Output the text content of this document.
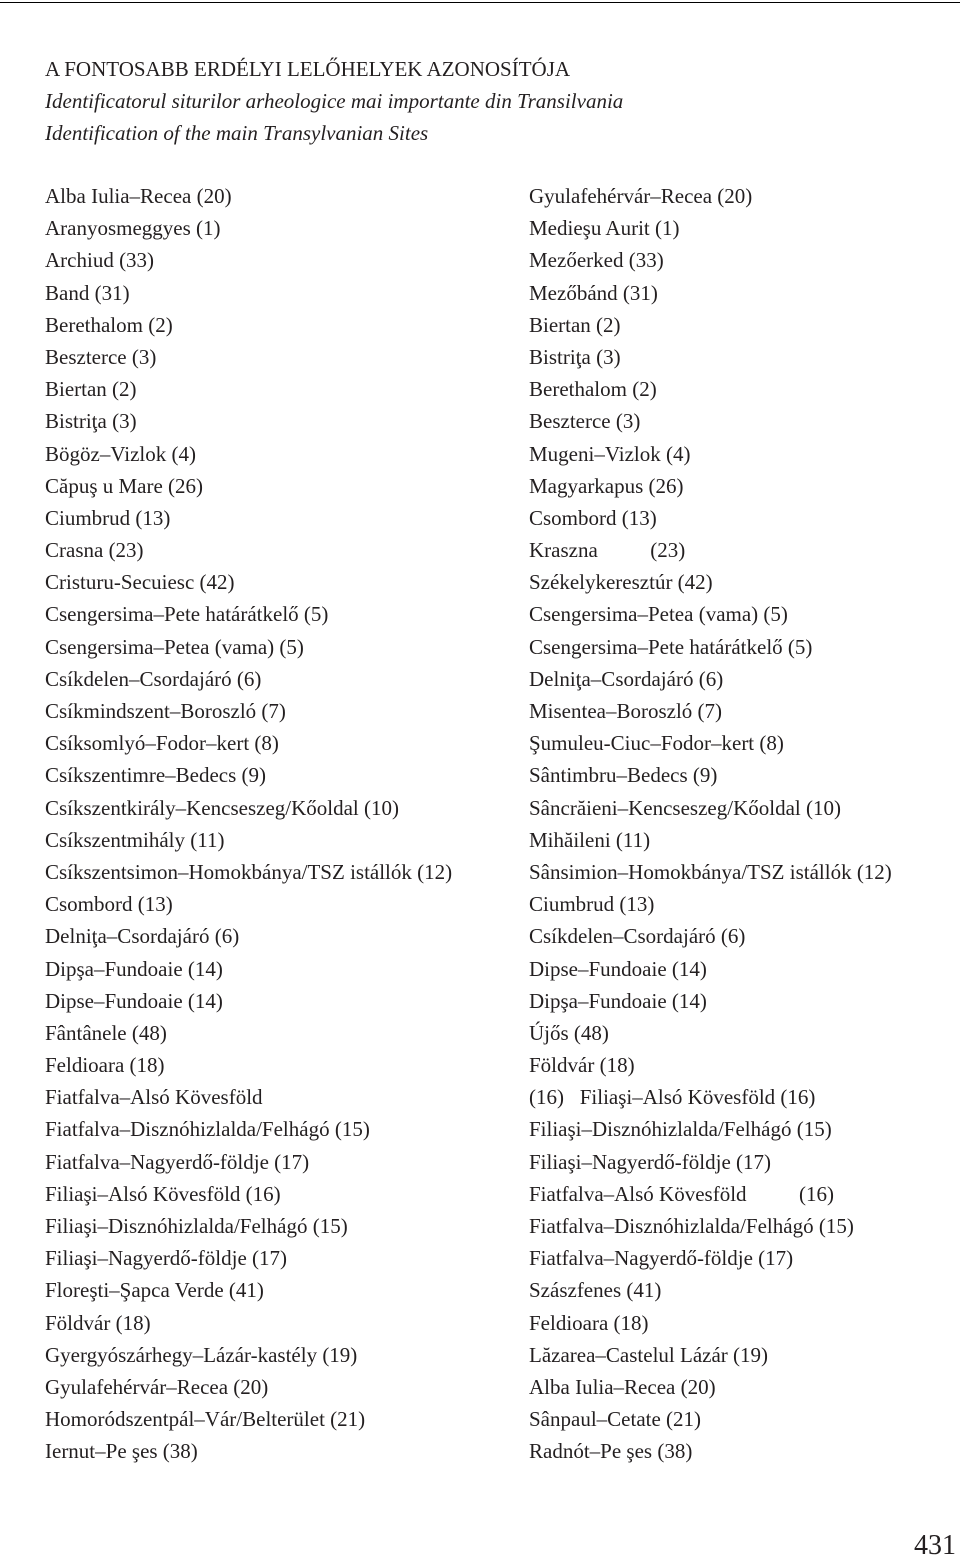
A FONTOSABB ERDÉLYI LELŐHELYEK AZONOSÍTÓJA
Identificatorul siturilor arheologice mai importante din Transilvania
Identification of the main Transylvanian Sites
Alba Iulia–Recea (20)	Gyulafehérvár–Recea (20)
Aranyosmeggyes (1)	Medieşu Aurit (1)
Archiud (33)	Mezőerked (33)
Band (31)	Mezőbánd (31)
Berethalom (2)	Biertan (2)
Beszterce (3)	Bistriţa (3)
Biertan (2)	Berethalom (2)
Bistriţa (3)	Beszterce (3)
Bögöz–Vizlok (4)	Mugeni–Vizlok (4)
Căpuş u Mare (26)	Magyarkapus (26)
Ciumbrud (13)	Csombord (13)
Crasna (23)	Kraszna          (23)
Cristuru-Secuiesc (42)	Székelykeresztúr (42)
Csengersima–Pete határátkelő (5)	Csengersima–Petea (vama) (5)
Csengersima–Petea (vama) (5)	Csengersima–Pete határátkelő (5)
Csíkdelen–Csordajáró (6)	Delniţa–Csordajáró (6)
Csíkmindszent–Boroszló (7)	Misentea–Boroszló (7)
Csíksomlyó–Fodor–kert (8)	Şumuleu-Ciuc–Fodor–kert (8)
Csíkszentimre–Bedecs (9)	Sântimbru–Bedecs (9)
Csíkszentkirály–Kencseszeg/Kőoldal (10)	Sâncrăieni–Kencseszeg/Kőoldal (10)
Csíkszentmihály (11)	Mihăileni (11)
Csíkszentsimon–Homokbánya/TSZ istállók (12)	Sânsimion–Homokbánya/TSZ istállók (12)
Csombord (13)	Ciumbrud (13)
Delniţa–Csordajáró (6)	Csíkdelen–Csordajáró (6)
Dipşa–Fundoaie (14)	Dipse–Fundoaie (14)
Dipse–Fundoaie (14)	Dipşa–Fundoaie (14)
Fântânele (48)	Újős (48)
Feldioara (18)	Földvár (18)
Fiatfalva–Alsó Kövesföld	(16)   Filiaşi–Alsó Kövesföld (16)
Fiatfalva–Disznóhizlalda/Felhágó (15)	Filiaşi–Disznóhizlalda/Felhágó (15)
Fiatfalva–Nagyerdő-földje (17)	Filiaşi–Nagyerdő-földje (17)
Filiaşi–Alsó Kövesföld (16)	Fiatfalva–Alsó Kövesföld          (16)
Filiaşi–Disznóhizlalda/Felhágó (15)	Fiatfalva–Disznóhizlalda/Felhágó (15)
Filiaşi–Nagyerdő-földje (17)	Fiatfalva–Nagyerdő-földje (17)
Floreşti–Şapca Verde (41)	Szászfenes (41)
Földvár (18)	Feldioara (18)
Gyergyószárhegy–Lázár-kastély (19)	Lăzarea–Castelul Lázár (19)
Gyulafehérvár–Recea (20)	Alba Iulia–Recea (20)
Homoródszentpál–Vár/Belterület (21)	Sânpaul–Cetate (21)
Iernut–Pe şes (38)	Radnót–Pe şes (38)
431
